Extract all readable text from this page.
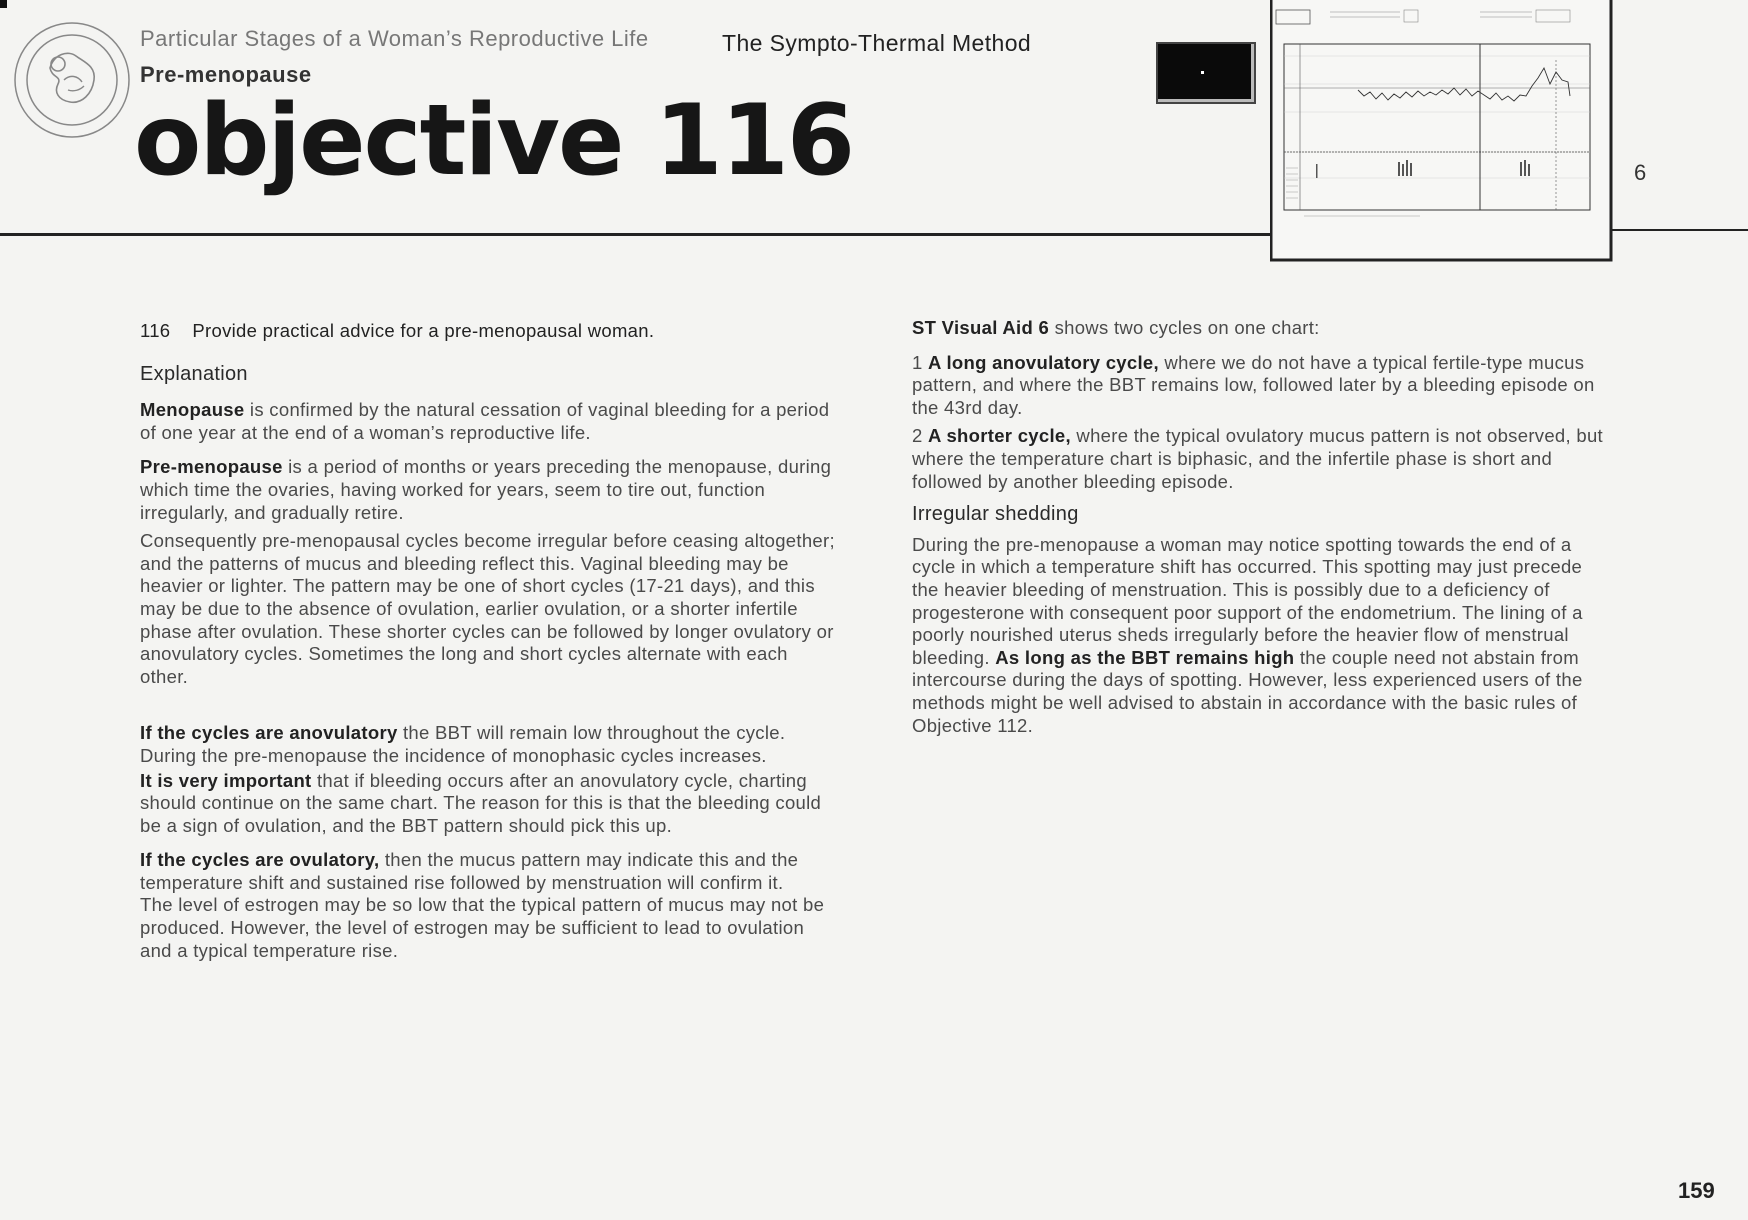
Particular Stages of a Woman’s Reproductive Life
Pre-menopause
The Sympto-Thermal Method
objective 116	6

116 Provide practical advice for a pre-menopausal woman.

Explanation

Menopause is confirmed by the natural cessation of vaginal bleeding for a period of one year at the end of a woman’s reproductive life.

Pre-menopause is a period of months or years preceding the menopause, during which time the ovaries, having worked for years, seem to tire out, function irregularly, and gradually retire.

Consequently pre-menopausal cycles become irregular before ceasing altogether; and the patterns of mucus and bleeding reflect this. Vaginal bleeding may be heavier or lighter. The pattern may be one of short cycles (17-21 days), and this may be due to the absence of ovulation, earlier ovulation, or a shorter infertile phase after ovulation. These shorter cycles can be followed by longer ovulatory or anovulatory cycles. Sometimes the long and short cycles alternate with each other.

If the cycles are anovulatory the BBT will remain low throughout the cycle. During the pre-menopause the incidence of monophasic cycles increases.

It is very important that if bleeding occurs after an anovulatory cycle, charting should continue on the same chart. The reason for this is that the bleeding could be a sign of ovulation, and the BBT pattern should pick this up.

If the cycles are ovulatory, then the mucus pattern may indicate this and the temperature shift and sustained rise followed by menstruation will confirm it.

The level of estrogen may be so low that the typical pattern of mucus may not be produced. However, the level of estrogen may be sufficient to lead to ovulation and a typical temperature rise.

ST Visual Aid 6 shows two cycles on one chart:

1 A long anovulatory cycle, where we do not have a typical fertile-type mucus pattern, and where the BBT remains low, followed later by a bleeding episode on the 43rd day.

2 A shorter cycle, where the typical ovulatory mucus pattern is not observed, but where the temperature chart is biphasic, and the infertile phase is short and followed by another bleeding episode.

Irregular shedding

During the pre-menopause a woman may notice spotting towards the end of a cycle in which a temperature shift has occurred. This spotting may just precede the heavier bleeding of menstruation. This is possibly due to a deficiency of progesterone with consequent poor support of the endometrium. The lining of a poorly nourished uterus sheds irregularly before the heavier flow of menstrual bleeding. As long as the BBT remains high the couple need not abstain from intercourse during the days of spotting. However, less experienced users of the methods might be well advised to abstain in accordance with the basic rules of Objective 112.

159
